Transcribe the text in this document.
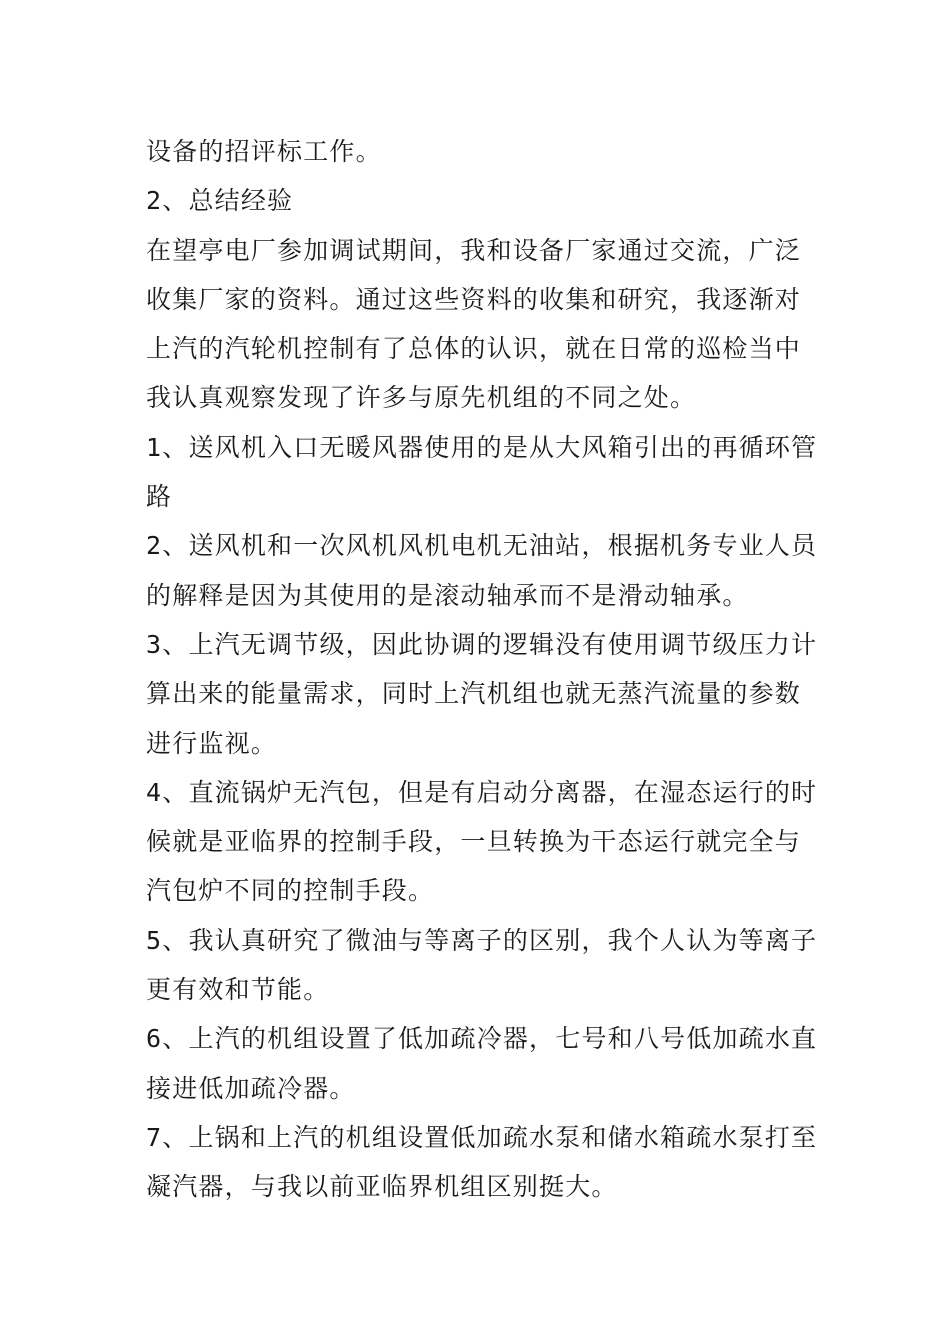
设备的招评标工作。
2、总结经验
在望亭电厂参加调试期间，我和设备厂家通过交流，广泛
收集厂家的资料。通过这些资料的收集和研究，我逐渐对
上汽的汽轮机控制有了总体的认识，就在日常的巡检当中
我认真观察发现了许多与原先机组的不同之处。
1、送风机入口无暖风器使用的是从大风箱引出的再循环管
路
2、送风机和一次风机风机电机无油站，根据机务专业人员
的解释是因为其使用的是滚动轴承而不是滑动轴承。
3、上汽无调节级，因此协调的逻辑没有使用调节级压力计
算出来的能量需求，同时上汽机组也就无蒸汽流量的参数
进行监视。
4、直流锅炉无汽包，但是有启动分离器，在湿态运行的时
候就是亚临界的控制手段，一旦转换为干态运行就完全与
汽包炉不同的控制手段。
5、我认真研究了微油与等离子的区别，我个人认为等离子
更有效和节能。
6、上汽的机组设置了低加疏冷器，七号和八号低加疏水直
接进低加疏冷器。
7、上锅和上汽的机组设置低加疏水泵和储水箱疏水泵打至
凝汽器，与我以前亚临界机组区别挺大。
